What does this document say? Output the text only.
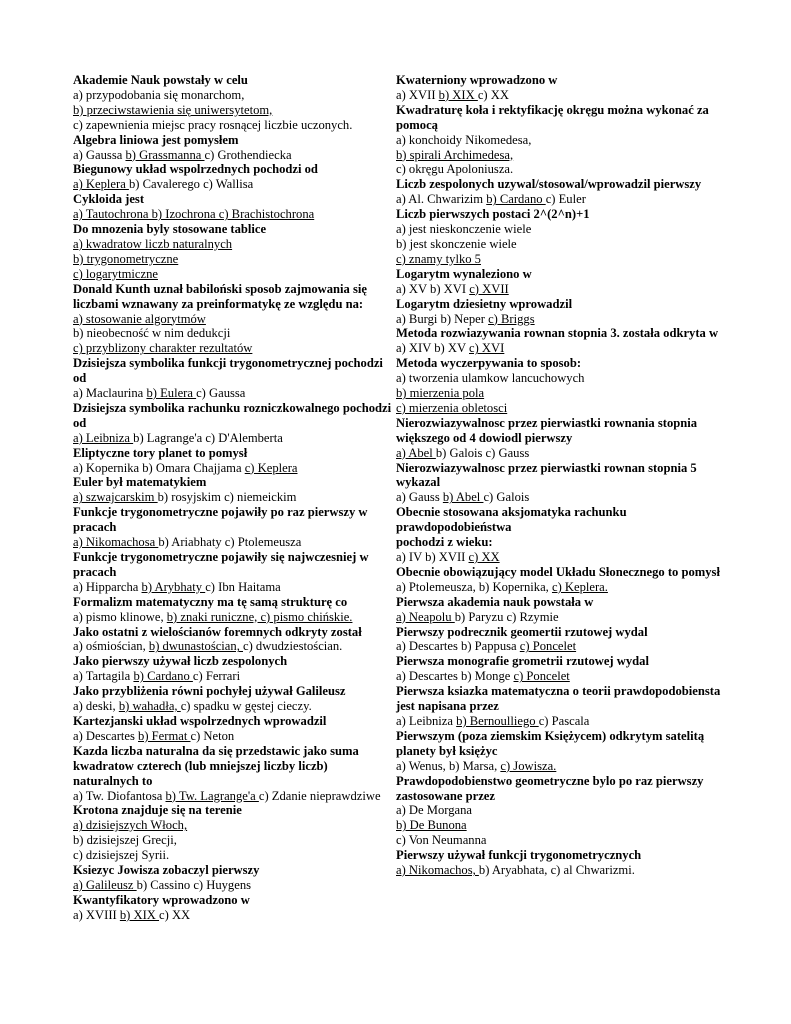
Akademie Nauk powstały w celu
a) przypodobania się monarchom,
b) przeciwstawienia się uniwersytetom,
c) zapewnienia miejsc pracy rosnącej liczbie uczonych.
Algebra liniowa jest pomysłem
a) Gaussa b) Grassmanna c) Grothendiecka
Biegunowy układ wspolrzednych pochodzi od
a) Keplera b) Cavalerego c) Wallisa
Cykloida jest
a) Tautochrona b) Izochrona c) Brachistochrona
Do mnozenia byly stosowane tablice
a) kwadratow liczb naturalnych
b) trygonometryczne
c) logarytmiczne
Donald Kunth uznał babiloński sposob zajmowania się liczbami wznawany za preinformatykę ze względu na:
a) stosowanie algorytmów
b) nieobecność w nim dedukcji
c) przyblizony charakter rezultatów
Dzisiejsza symbolika funkcji trygonometrycznej pochodzi od
a) Maclaurina b) Eulera c) Gaussa
Dzisiejsza symbolika rachunku rozniczkowalnego pochodzi od
a) Leibniza b) Lagrange'a c) D'Alemberta
Eliptyczne tory planet to pomysł
a) Kopernika b) Omara Chajjama c) Keplera
Euler był matematykiem
a) szwajcarskim b) rosyjskim c) niemeickim
Funkcje trygonometryczne pojawiły po raz pierwszy w pracach
a) Nikomachosa b) Ariabhaty c) Ptolemeusza
Funkcje trygonometryczne pojawiły się najwczesniej w pracach
a) Hipparcha b) Arybhaty c) Ibn Haitama
Formalizm matematyczny ma tę samą strukturę co
a) pismo klinowe, b) znaki runiczne, c) pismo chińskie.
Jako ostatni z wielościanów foremnych odkryty został
a) ośmiościan, b) dwunastościan, c) dwudziestościan.
Jako pierwszy używał liczb zespolonych
a) Tartagila b) Cardano c) Ferrari
Jako przybliżenia równi pochyłej używał Galileusz
a) deski, b) wahadła, c) spadku w gęstej cieczy.
Kartezjanski układ wspolrzednych wprowadzil
a) Descartes b) Fermat c) Neton
Kazda liczba naturalna da się przedstawic jako suma kwadratow czterech (lub mniejszej liczby liczb) naturalnych to
a) Tw. Diofantosa b) Tw. Lagrange'a c) Zdanie nieprawdziwe
Krotona znajduje się na terenie
a) dzisiejszych Włoch,
b) dzisiejszej Grecji,
c) dzisiejszej Syrii.
Ksiezyc Jowisza zobaczyl pierwszy
a) Galileusz b) Cassino c) Huygens
Kwantyfikatory wprowadzono w
a) XVIII b) XIX c) XX
Kwaterniony wprowadzono w
a) XVII b) XIX c) XX
Kwadraturę koła i rektyfikację okręgu można wykonać za pomocą
a) konchoidy Nikomedesa,
b) spirali Archimedesa,
c) okręgu Apoloniusza.
Liczb zespolonych uzywal/stosowal/wprowadzil pierwszy
a) Al. Chwarizim b) Cardano c) Euler
Liczb pierwszych postaci 2^(2^n)+1
a) jest nieskonczenie wiele
b) jest skonczenie wiele
c) znamy tylko 5
Logarytm wynaleziono w
a) XV b) XVI c) XVII
Logarytm dziesietny wprowadzil
a) Burgi b) Neper c) Briggs
Metoda rozwiazywania rownan stopnia 3. została odkryta w
a) XIV b) XV c) XVI
Metoda wyczerpywania to sposob:
a) tworzenia ulamkow lancuchowych
b) mierzenia pola
c) mierzenia obletosci
Nierozwiazywalnosc przez pierwiastki rownania stopnia większego od 4 dowiodl pierwszy
a) Abel b) Galois c) Gauss
Nierozwiazywalnosc przez pierwiastki rownan stopnia 5 wykazal
a) Gauss b) Abel c) Galois
Obecnie stosowana aksjomatyka rachunku prawdopodobieństwa
pochodzi z wieku:
a) IV b) XVII c) XX
Obecnie obowiązujący model Układu Słonecznego to pomysł
a) Ptolemeusza, b) Kopernika, c) Keplera.
Pierwsza akademia nauk powstała w
a) Neapolu b) Paryzu c) Rzymie
Pierwszy podrecznik geomertii rzutowej wydal
a) Descartes b) Pappusa c) Poncelet
Pierwsza monografie grometrii rzutowej wydal
a) Descartes b) Monge c) Poncelet
Pierwsza ksiazka matematyczna o teorii prawdopodobiensta jest napisana przez
a) Leibniza b) Bernoulliego c) Pascala
Pierwszym (poza ziemskim Księżycem) odkrytym satelitą planety był księżyc
a) Wenus, b) Marsa, c) Jowisza.
Prawdopodobienstwo geometryczne bylo po raz pierwszy zastosowane przez
a) De Morgana
b) De Bunona
c) Von Neumanna
Pierwszy używał funkcji trygonometrycznych
a) Nikomachos, b) Aryabhata, c) al Chwarizmi.
